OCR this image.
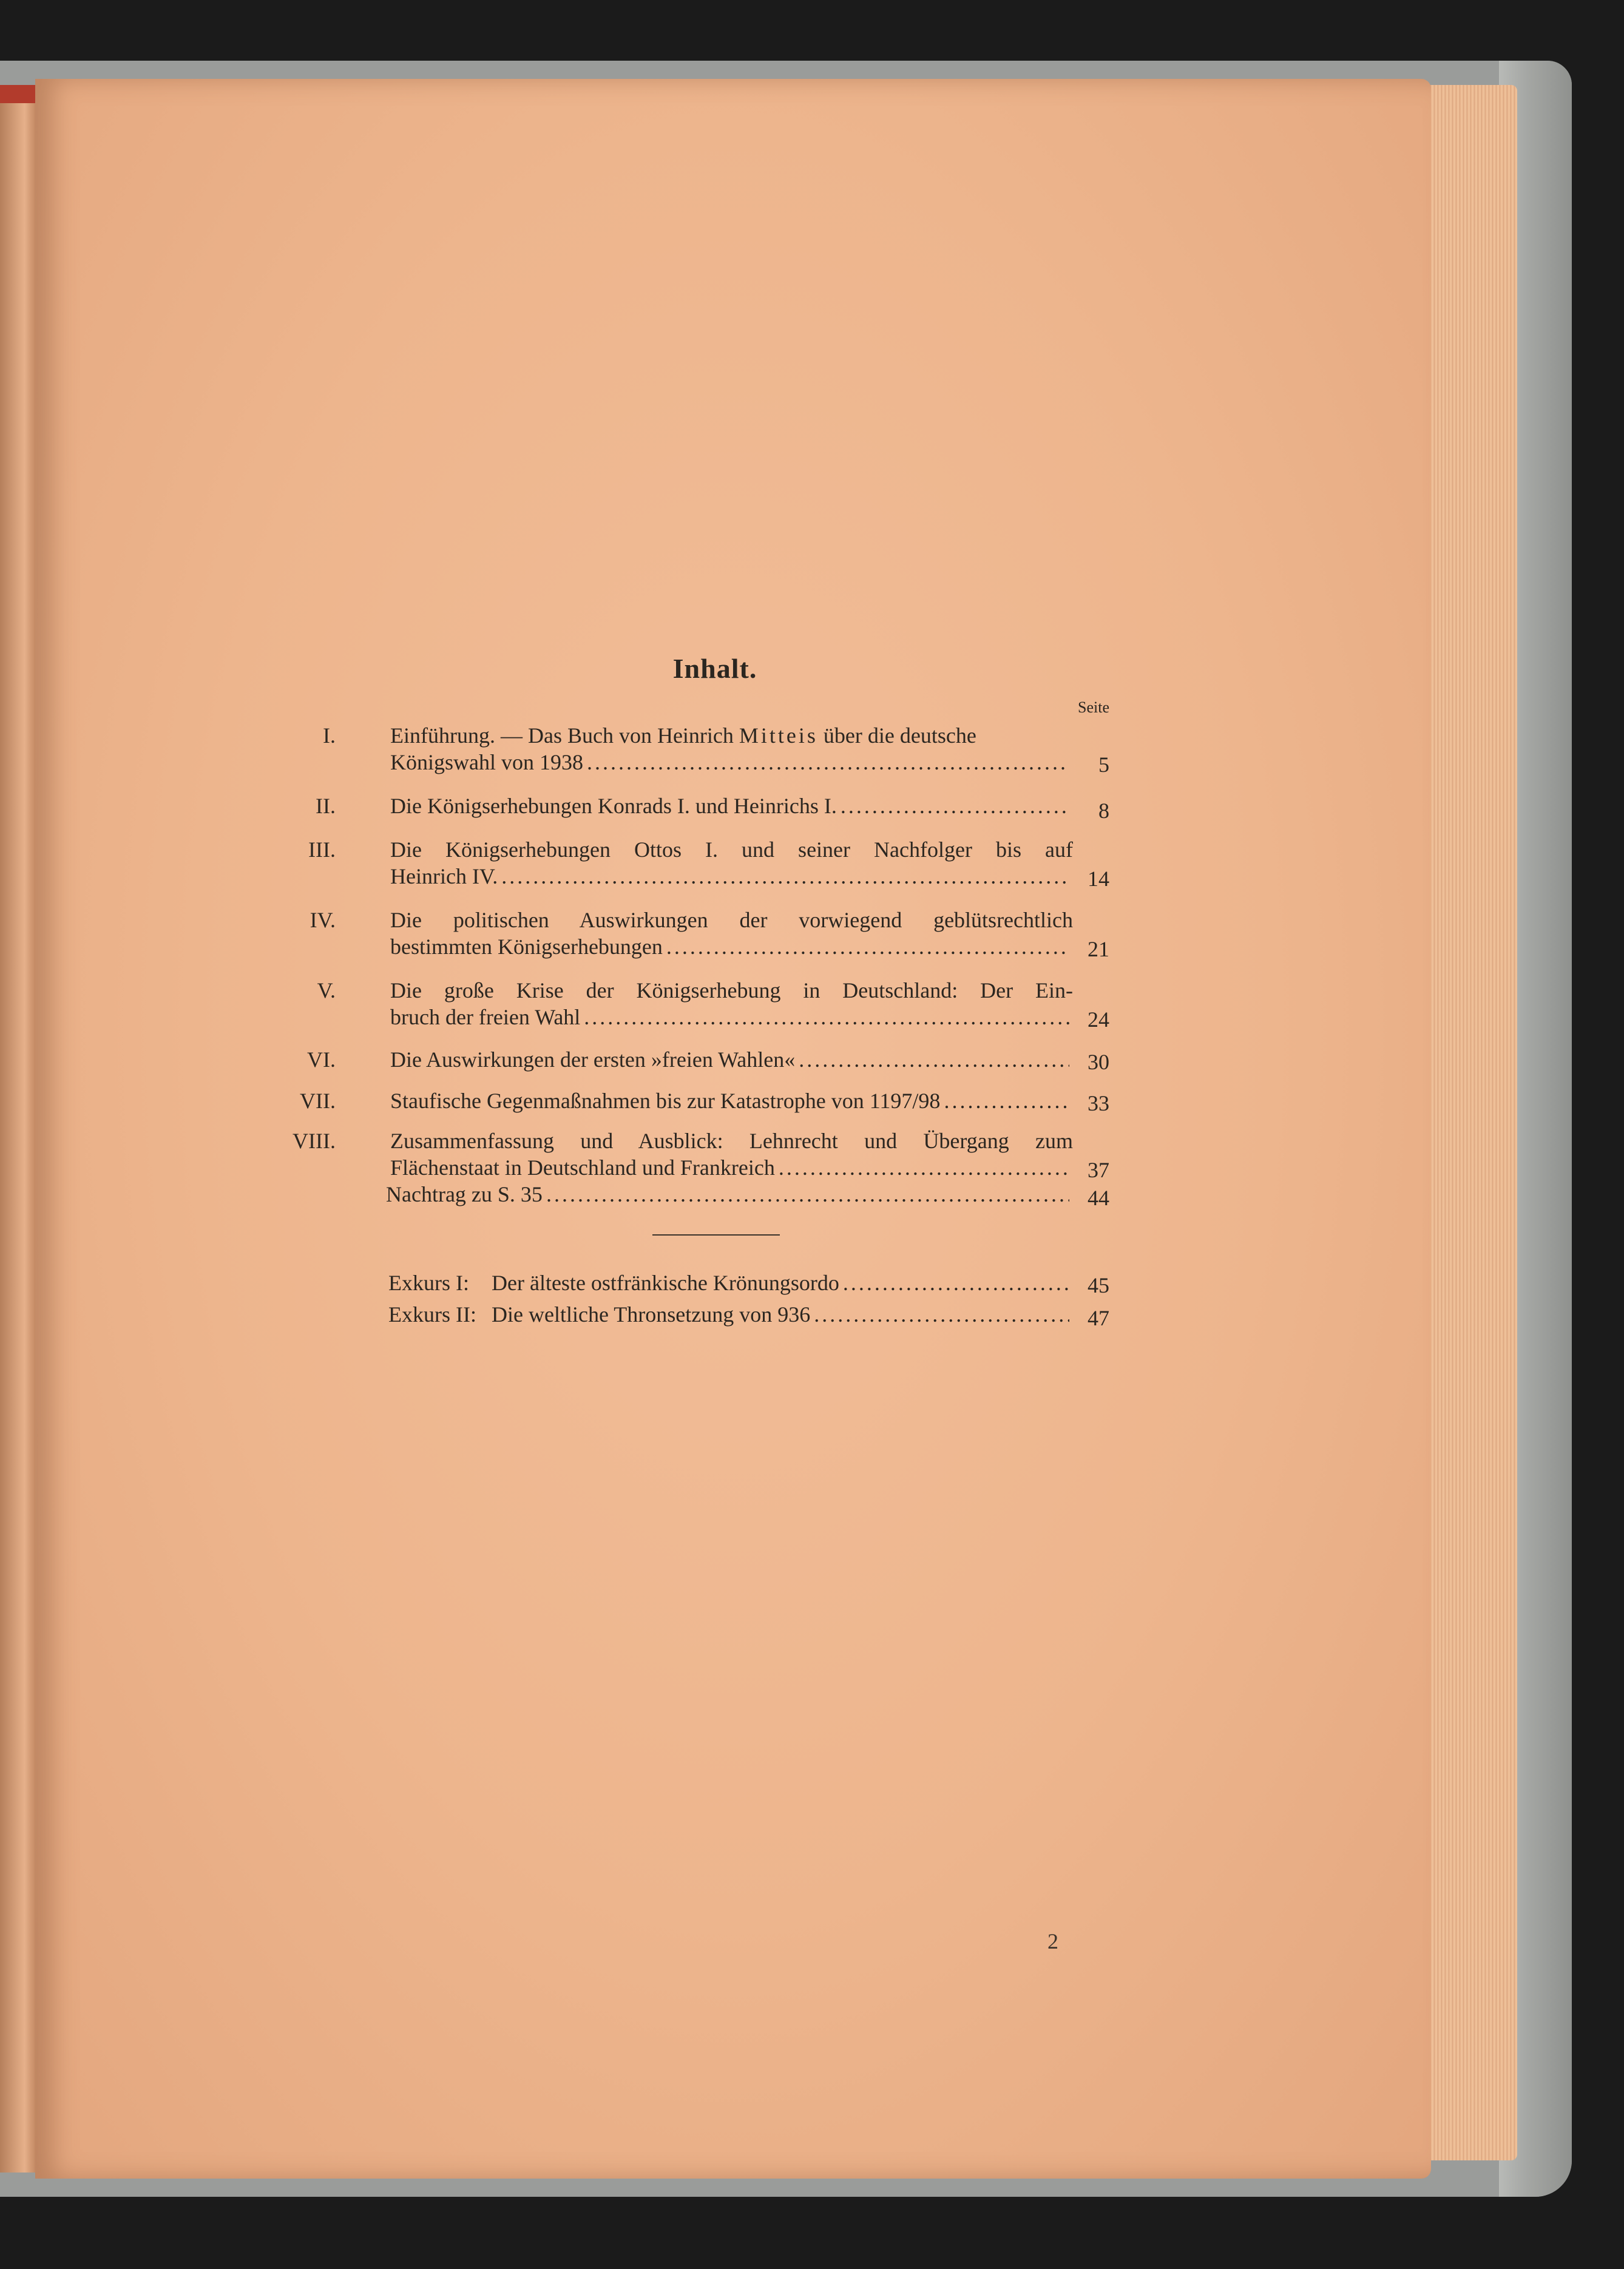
Inhalt.
Seite
I.	Einführung. — Das Buch von Heinrich Mitteis über die deutsche
Königswahl von 1938 .....	5
II.	Die Königserhebungen Konrads I. und Heinrichs I. .....	8
III.	Die Königserhebungen Ottos I. und seiner Nachfolger bis auf
Heinrich IV. .....	14
IV.	Die politischen Auswirkungen der vorwiegend geblütsrechtlich
bestimmten Königserhebungen .....	21
V.	Die große Krise der Königserhebung in Deutschland: Der Ein-
bruch der freien Wahl .....	24
VI.	Die Auswirkungen der ersten »freien Wahlen« .....	30
VII.	Staufische Gegenmaßnahmen bis zur Katastrophe von 1197/98 .....	33
VIII.	Zusammenfassung und Ausblick: Lehnrecht und Übergang zum
Flächenstaat in Deutschland und Frankreich .....	37
Nachtrag zu S. 35 .....	44
Exkurs I:	Der älteste ostfränkische Krönungsordo .....	45
Exkurs II: Die weltliche Thronsetzung von 936 .....	47
2
